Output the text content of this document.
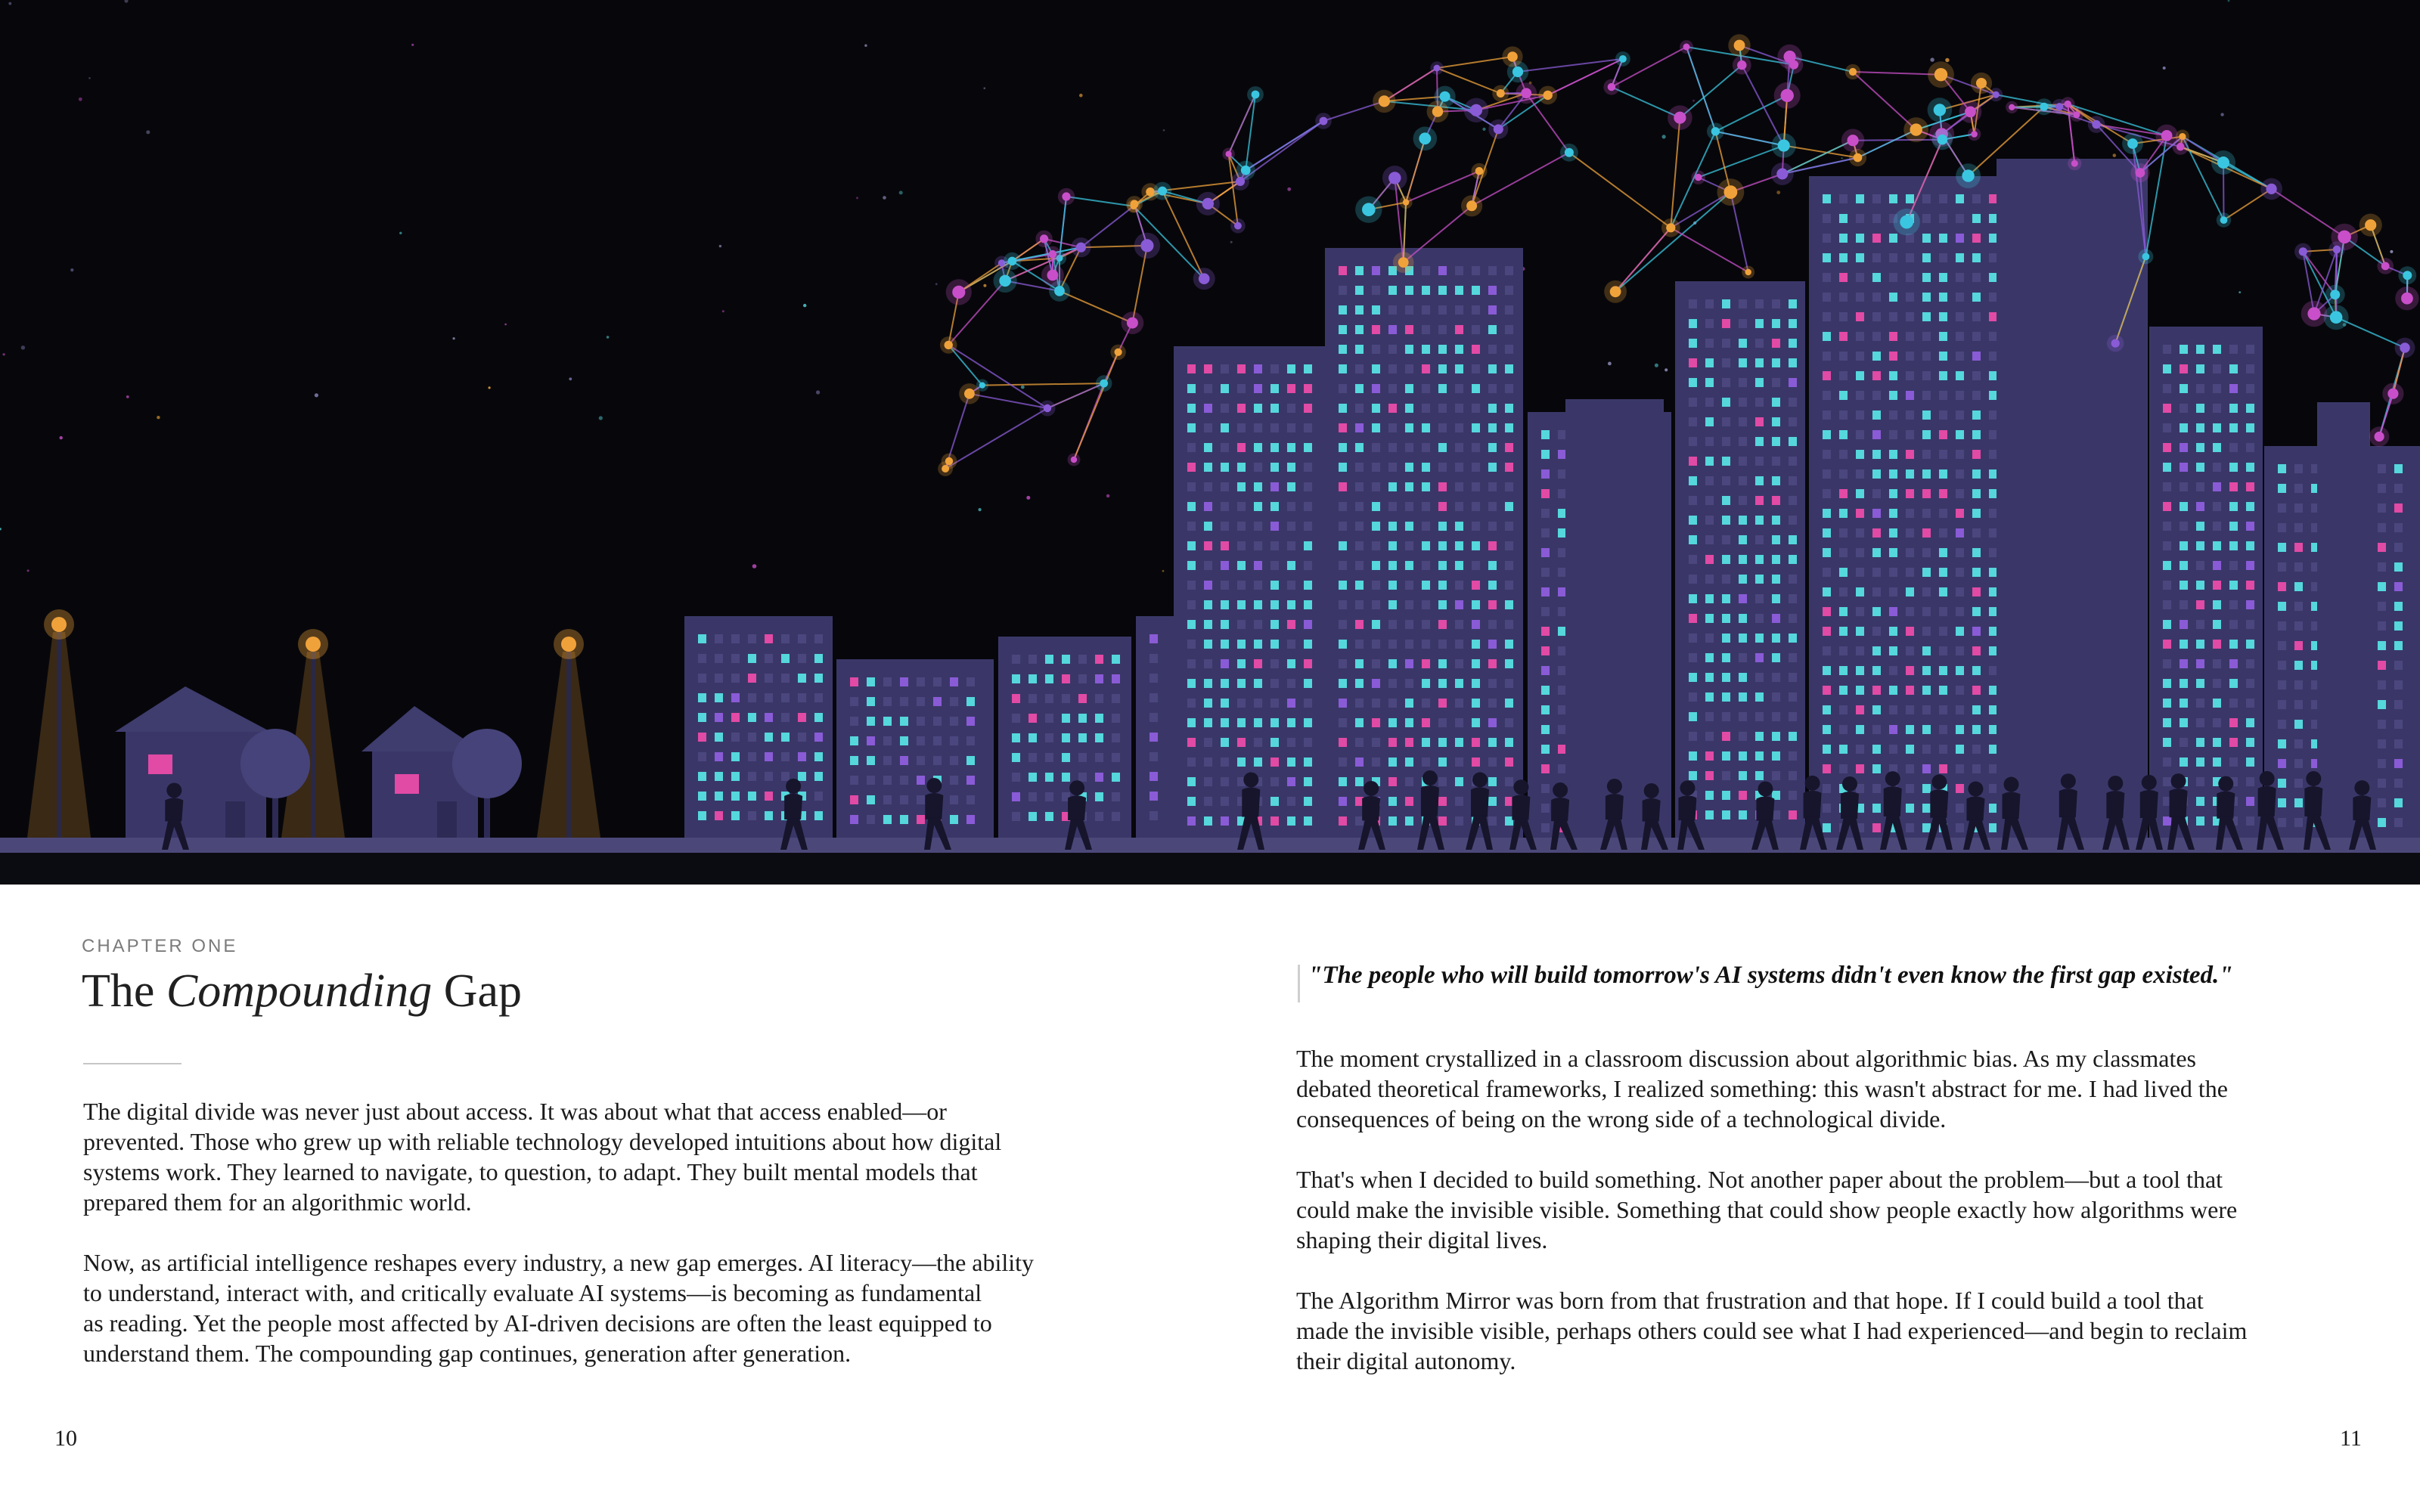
CHAPTER ONE
The Compounding Gap
The digital divide was never just about access. It was about what that access enabled—or
prevented. Those who grew up with reliable technology developed intuitions about how digital
systems work. They learned to navigate, to question, to adapt. They built mental models that
prepared them for an algorithmic world.
Now, as artificial intelligence reshapes every industry, a new gap emerges. AI literacy—the ability
to understand, interact with, and critically evaluate AI systems—is becoming as fundamental
as reading. Yet the people most affected by AI-driven decisions are often the least equipped to
understand them. The compounding gap continues, generation after generation.
"The people who will build tomorrow's AI systems didn't even know the first gap existed."
The moment crystallized in a classroom discussion about algorithmic bias. As my classmates
debated theoretical frameworks, I realized something: this wasn't abstract for me. I had lived the
consequences of being on the wrong side of a technological divide.
That's when I decided to build something. Not another paper about the problem—but a tool that
could make the invisible visible. Something that could show people exactly how algorithms were
shaping their digital lives.
The Algorithm Mirror was born from that frustration and that hope. If I could build a tool that
made the invisible visible, perhaps others could see what I had experienced—and begin to reclaim
their digital autonomy.
10	11
